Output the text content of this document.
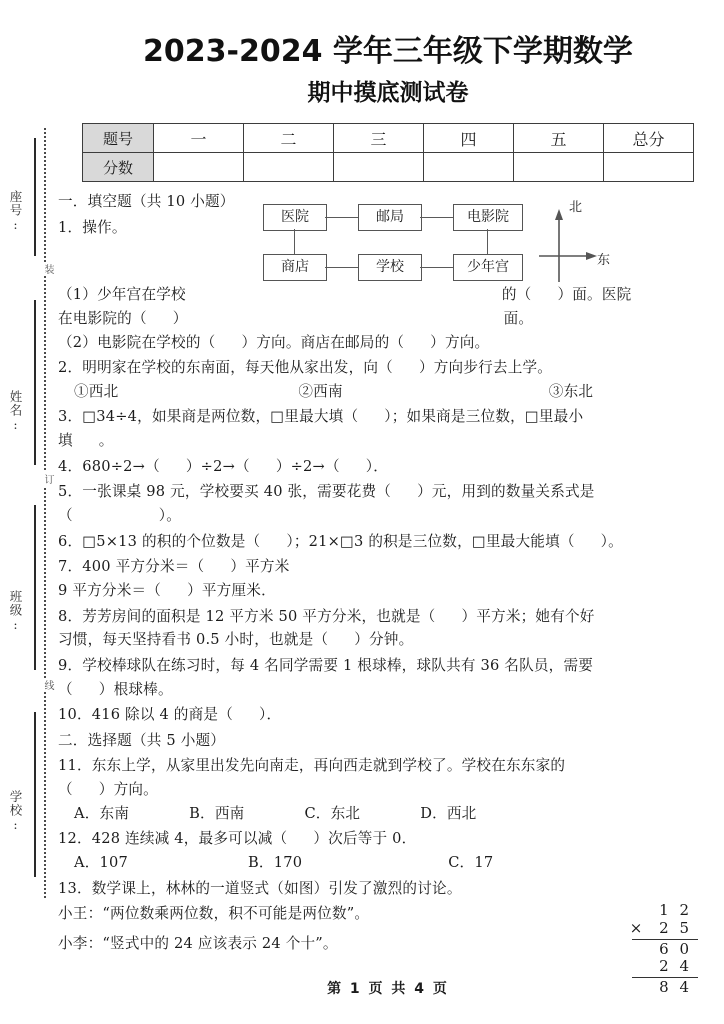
座号:
姓名:
班级:
学校:
装
订
线
2023-2024 学年三年级下学期数学
期中摸底测试卷
题号	一	二	三	四	五	总分
分数						
医院	邮局	电影院
商店	学校	少年宫
北
东
一．填空题（共 10 小题）
1．操作。

（1）少年宫在学校	的（ ）面。医院
在电影院的（ ）	面。
（2）电影院在学校的（ ）方向。商店在邮局的（ ）方向。
2．明明家在学校的东南面，每天他从家出发，向（ ）方向步行去上学。
①西北	②西南	③东北
3．□34÷4，如果商是两位数，□里最大填（ ）；如果商是三位数，□里最小
填 。
4．680÷2→（ ）÷2→（ ）÷2→（ ）．
5．一张课桌 98 元，学校要买 40 张，需要花费（ ）元，用到的数量关系式是
（	）。
6．□5×13 的积的个位数是（ ）；21×□3 的积是三位数，□里最大能填（ ）。
7．400 平方分米＝（ ）平方米
9 平方分米＝（ ）平方厘米．
8．芳芳房间的面积是 12 平方米 50 平方分米，也就是（ ）平方米；她有个好
习惯，每天坚持看书 0.5 小时，也就是（ ）分钟。
9．学校棒球队在练习时，每 4 名同学需要 1 根球棒，球队共有 36 名队员，需要
（ ）根球棒。
10．416 除以 4 的商是（ ）．
二．选择题（共 5 小题）
11．东东上学，从家里出发先向南走，再向西走就到学校了。学校在东东家的
（ ）方向。
A．东南	B．西南	C．东北	D．西北
12．428 连续减 4，最多可以减（ ）次后等于 0．
A．107	B．170	C．17
13．数学课上，林林的一道竖式（如图）引发了激烈的讨论。
小王：“两位数乘两位数，积不可能是两位数”。
小李：“竖式中的 24 应该表示 24 个十”。
1 2
× 2 5
6 0
2 4
8 4
第 1 页 共 4 页
